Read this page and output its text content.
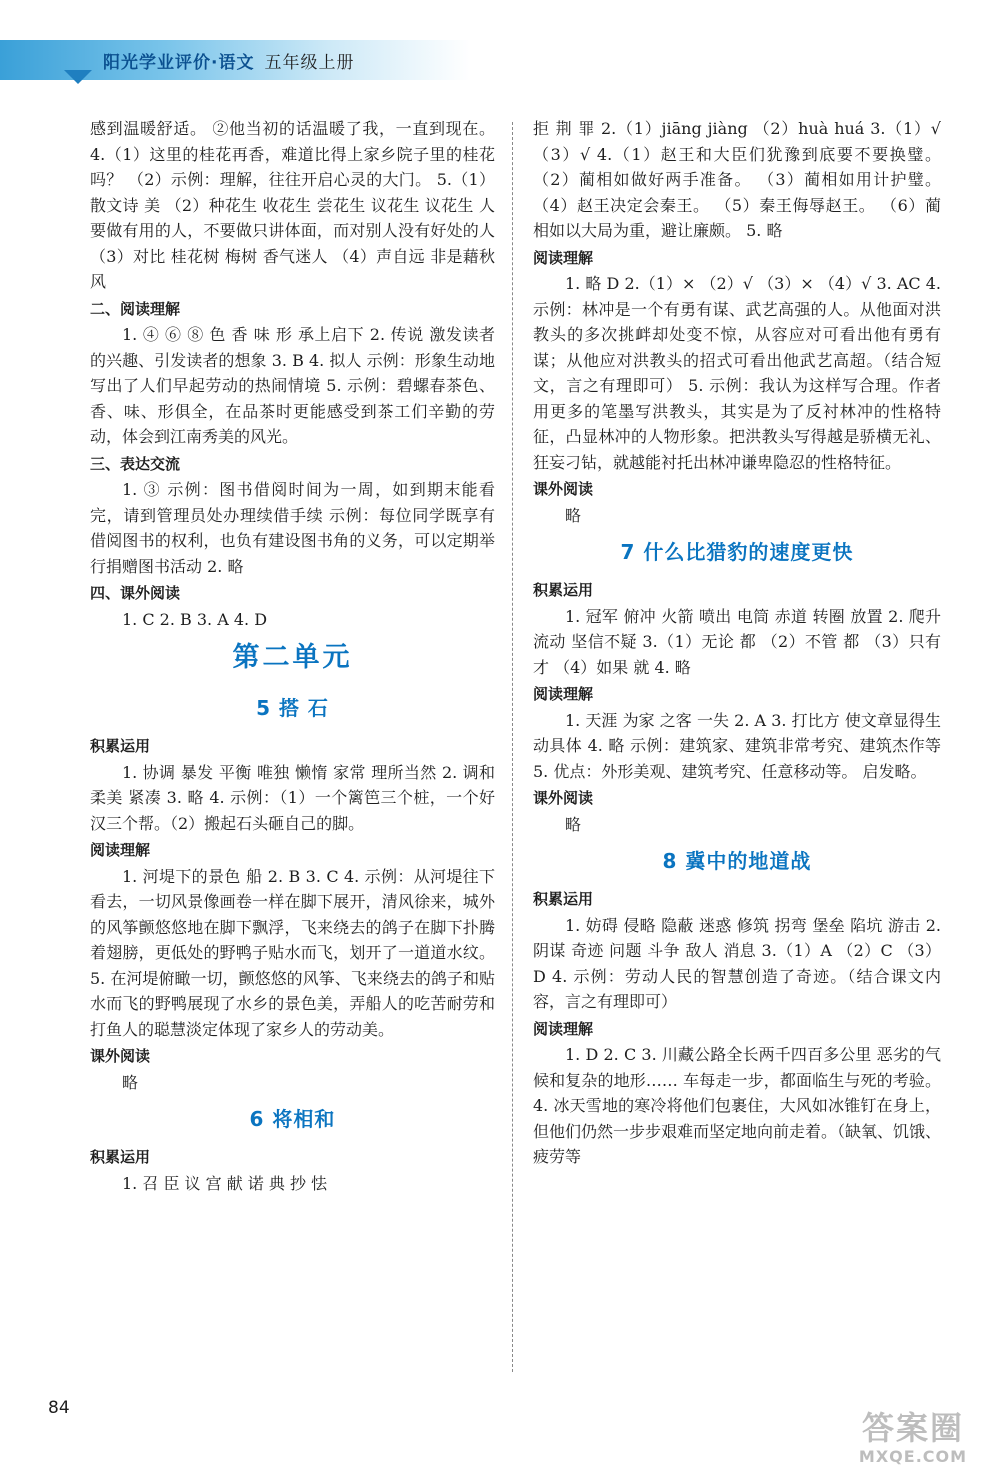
阳光学业评价·语文 五年级上册

感到温暖舒适。 ②他当初的话温暖了我，一直到现在。 4.（1）这里的桂花再香，难道比得上家乡院子里的桂花吗？ （2）示例：理解，往往开启心灵的大门。 5.（1）散文诗 美 （2）种花生 收花生 尝花生 议花生 议花生 人要做有用的人，不要做只讲体面，而对别人没有好处的人 （3）对比 桂花树 梅树 香气迷人 （4）声自远 非是藉秋风

二、阅读理解

1. ④ ⑥ ⑧ 色 香 味 形 承上启下 2. 传说 激发读者的兴趣、引发读者的想象 3. B 4. 拟人 示例：形象生动地写出了人们早起劳动的热闹情境 5. 示例：碧螺春茶色、香、味、形俱全，在品茶时更能感受到茶工们辛勤的劳动，体会到江南秀美的风光。

三、表达交流

1. ③ 示例：图书借阅时间为一周，如到期末能看完，请到管理员处办理续借手续 示例：每位同学既享有借阅图书的权利，也负有建设图书角的义务，可以定期举行捐赠图书活动 2. 略

四、课外阅读

1. C 2. B 3. A 4. D

第二单元
5 搭 石
积累运用

1. 协调 暴发 平衡 唯独 懒惰 家常 理所当然 2. 调和 柔美 紧凑 3. 略 4. 示例：（1）一个篱笆三个桩，一个好汉三个帮。（2）搬起石头砸自己的脚。

阅读理解

1. 河堤下的景色 船 2. B 3. C 4. 示例：从河堤往下看去，一切风景像画卷一样在脚下展开，清风徐来，城外的风筝颤悠悠地在脚下飘浮，飞来绕去的鸽子在脚下扑腾着翅膀，更低处的野鸭子贴水而飞，划开了一道道水纹。 5. 在河堤俯瞰一切，颤悠悠的风筝、飞来绕去的鸽子和贴水而飞的野鸭展现了水乡的景色美，弄船人的吃苦耐劳和打鱼人的聪慧淡定体现了家乡人的劳动美。

课外阅读

略

6 将相和
积累运用

1. 召 臣 议 宫 献 诺 典 抄 怯

拒 荆 罪 2.（1）jiāng jiàng （2）huà huá 3.（1）√ （3）√ 4.（1）赵王和大臣们犹豫到底要不要换璧。 （2）蔺相如做好两手准备。 （3）蔺相如用计护璧。 （4）赵王决定会秦王。 （5）秦王侮辱赵王。 （6）蔺相如以大局为重，避让廉颇。 5. 略

阅读理解

1. 略 D 2.（1）× （2）√ （3）× （4）√ 3. AC 4. 示例：林冲是一个有勇有谋、武艺高强的人。从他面对洪教头的多次挑衅却处变不惊，从容应对可看出他有勇有谋；从他应对洪教头的招式可看出他武艺高超。（结合短文，言之有理即可） 5. 示例：我认为这样写合理。作者用更多的笔墨写洪教头，其实是为了反衬林冲的性格特征，凸显林冲的人物形象。把洪教头写得越是骄横无礼、狂妄刁钻，就越能衬托出林冲谦卑隐忍的性格特征。

课外阅读

略

7 什么比猎豹的速度更快
积累运用

1. 冠军 俯冲 火箭 喷出 电筒 赤道 转圈 放置 2. 爬升 流动 坚信不疑 3.（1）无论 都 （2）不管 都 （3）只有 才 （4）如果 就 4. 略

阅读理解

1. 天涯 为家 之客 一失 2. A 3. 打比方 使文章显得生动具体 4. 略 示例：建筑家、建筑非常考究、建筑杰作等 5. 优点：外形美观、建筑考究、任意移动等。 启发略。

课外阅读

略

8 冀中的地道战
积累运用

1. 妨碍 侵略 隐蔽 迷惑 修筑 拐弯 堡垒 陷坑 游击 2. 阴谋 奇迹 问题 斗争 敌人 消息 3.（1）A （2）C （3）D 4. 示例：劳动人民的智慧创造了奇迹。（结合课文内容，言之有理即可）

阅读理解

1. D 2. C 3. 川藏公路全长两千四百多公里 恶劣的气候和复杂的地形…… 车每走一步，都面临生与死的考验。 4. 冰天雪地的寒冷将他们包裹住，大风如冰锥钉在身上，但他们仍然一步步艰难而坚定地向前走着。（缺氧、饥饿、疲劳等

84
答案圈
MXQE.COM
